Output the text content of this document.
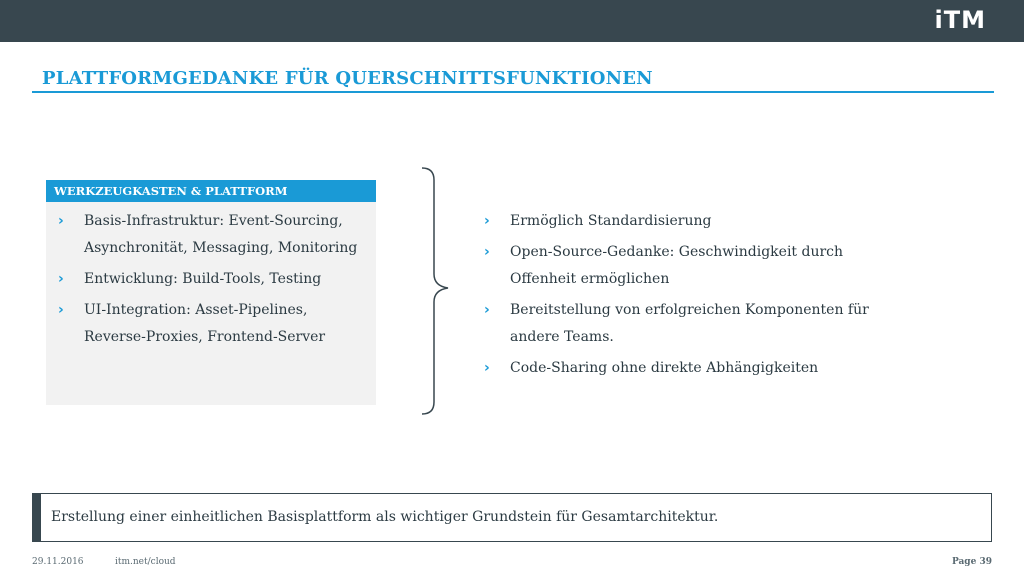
iTM
PLATTFORMGEDANKE FÜR QUERSCHNITTSFUNKTIONEN
WERKZEUGKASTEN & PLATTFORM
› Basis-Infrastruktur: Event-Sourcing, Asynchronität, Messaging, Monitoring
› Entwicklung: Build-Tools, Testing
› UI-Integration: Asset-Pipelines, Reverse-Proxies, Frontend-Server
› Ermöglich Standardisierung
› Open-Source-Gedanke: Geschwindigkeit durch Offenheit ermöglichen
› Bereitstellung von erfolgreichen Komponenten für andere Teams.
› Code-Sharing ohne direkte Abhängigkeiten
Erstellung einer einheitlichen Basisplattform als wichtiger Grundstein für Gesamtarchitektur.
29.11.2016	itm.net/cloud	Page 39
